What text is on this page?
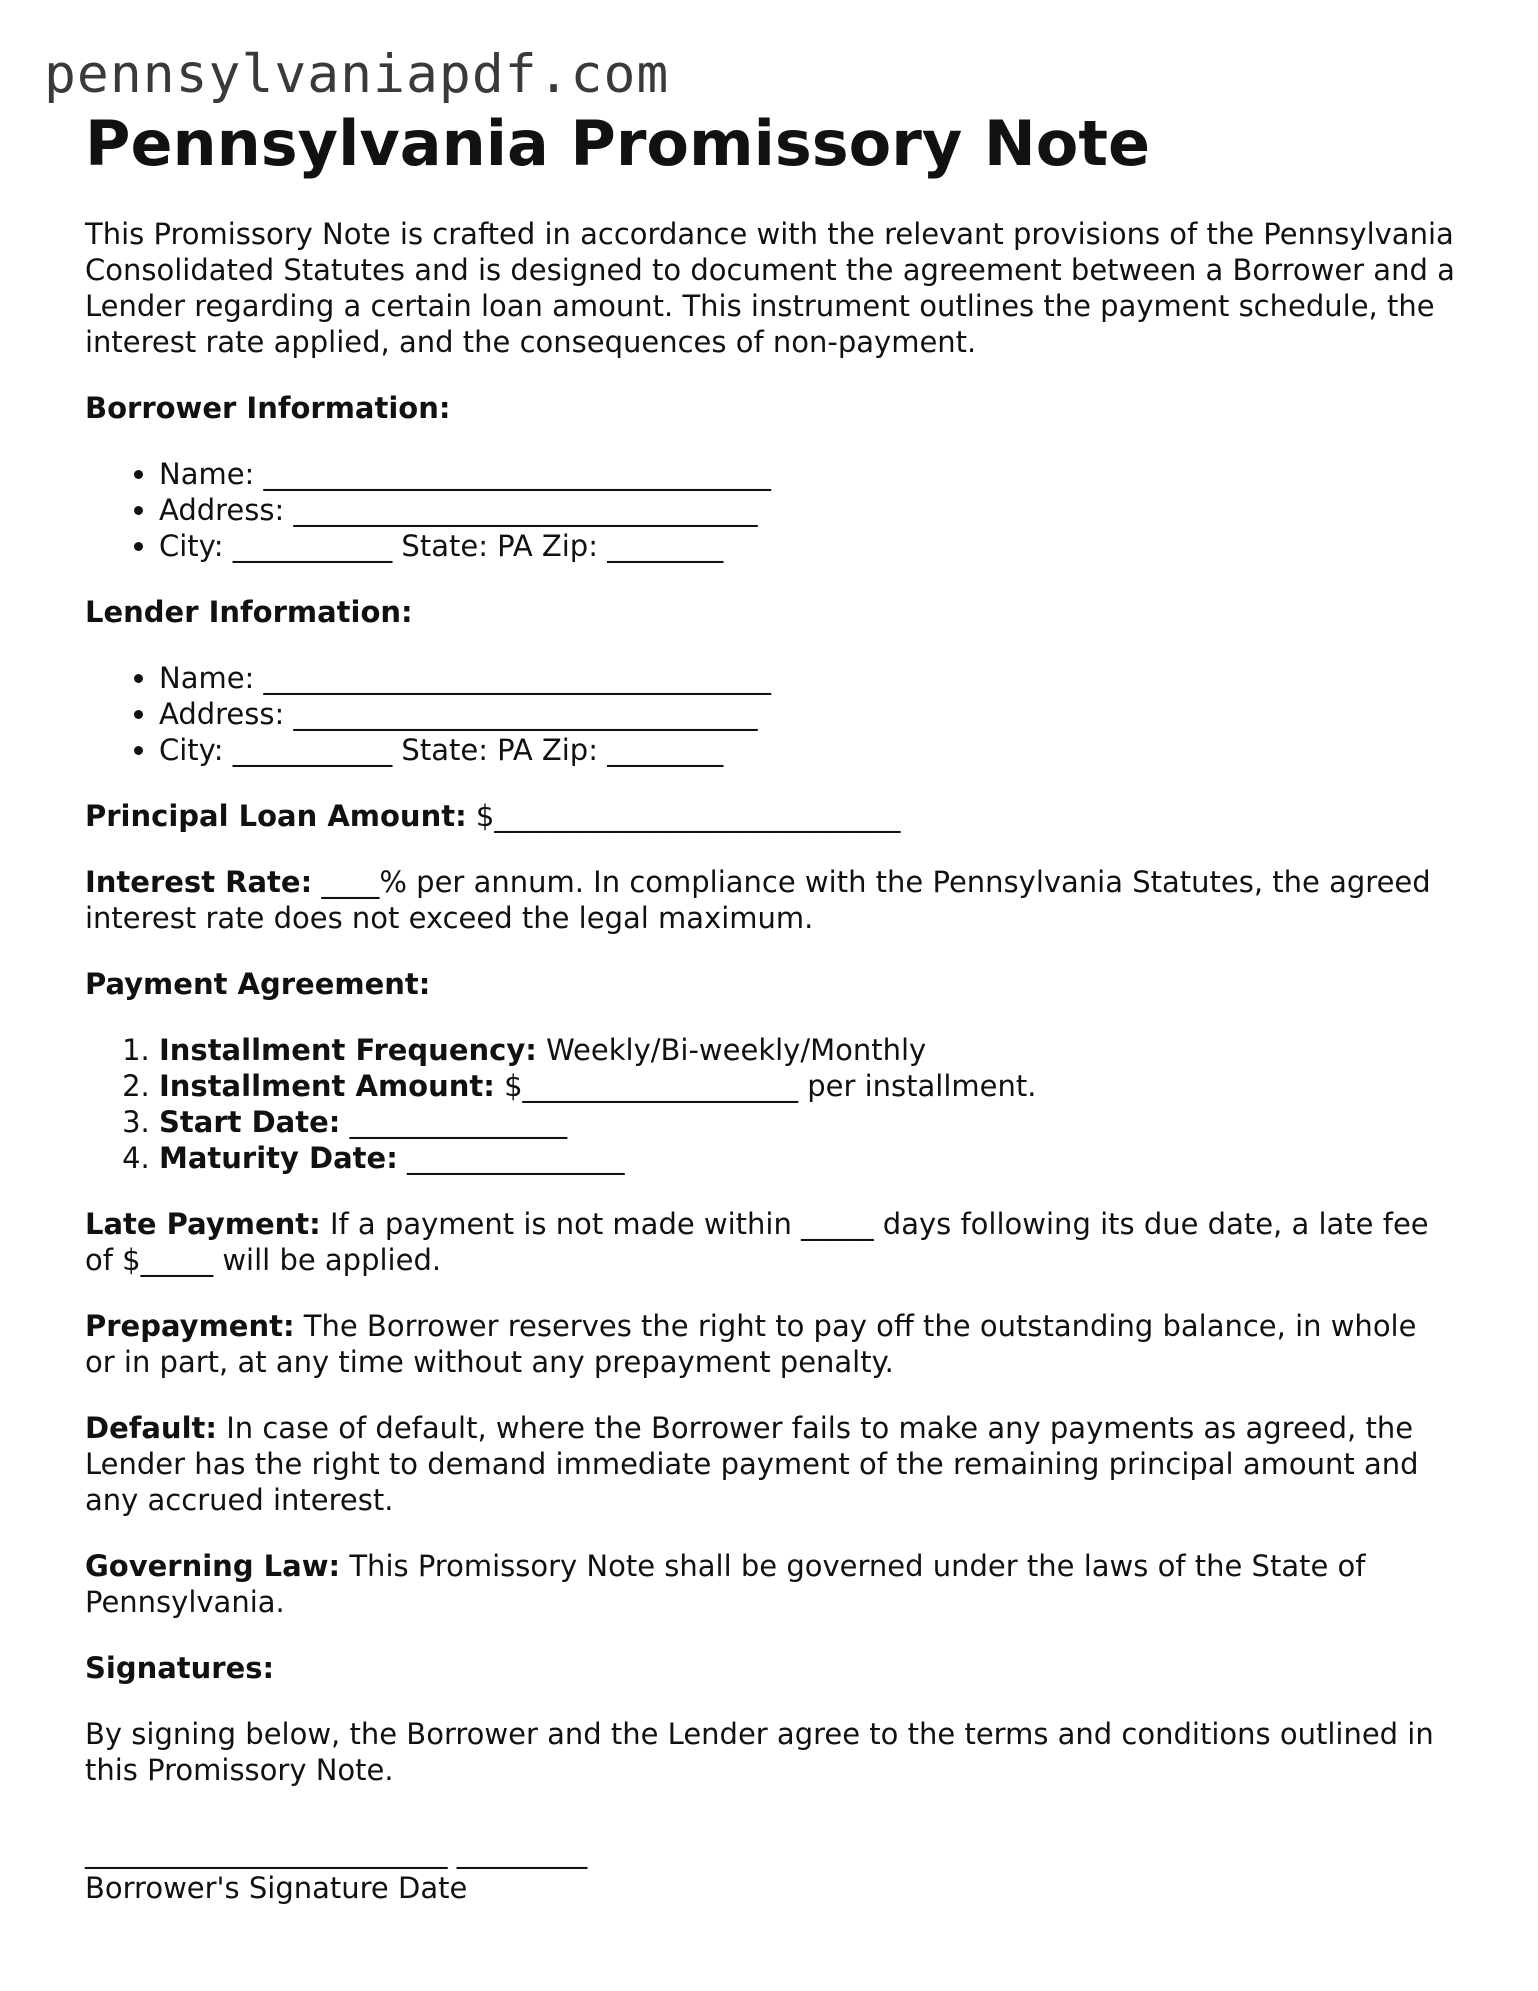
pennsylvaniapdf.com
Pennsylvania Promissory Note

This Promissory Note is crafted in accordance with the relevant provisions of the Pennsylvania Consolidated Statutes and is designed to document the agreement between a Borrower and a Lender regarding a certain loan amount. This instrument outlines the payment schedule, the interest rate applied, and the consequences of non-payment.

Borrower Information:

• Name: ___________________________________
• Address: ________________________________
• City: ___________ State: PA Zip: ________

Lender Information:

• Name: ___________________________________
• Address: ________________________________
• City: ___________ State: PA Zip: ________

Principal Loan Amount: $____________________________

Interest Rate: ____% per annum. In compliance with the Pennsylvania Statutes, the agreed interest rate does not exceed the legal maximum.

Payment Agreement:

1. Installment Frequency: Weekly/Bi-weekly/Monthly
2. Installment Amount: $___________________ per installment.
3. Start Date: _______________
4. Maturity Date: _______________

Late Payment: If a payment is not made within _____ days following its due date, a late fee of $_____ will be applied.

Prepayment: The Borrower reserves the right to pay off the outstanding balance, in whole or in part, at any time without any prepayment penalty.

Default: In case of default, where the Borrower fails to make any payments as agreed, the Lender has the right to demand immediate payment of the remaining principal amount and any accrued interest.

Governing Law: This Promissory Note shall be governed under the laws of the State of Pennsylvania.

Signatures:

By signing below, the Borrower and the Lender agree to the terms and conditions outlined in this Promissory Note.

_________________________ _________

Borrower's Signature Date
